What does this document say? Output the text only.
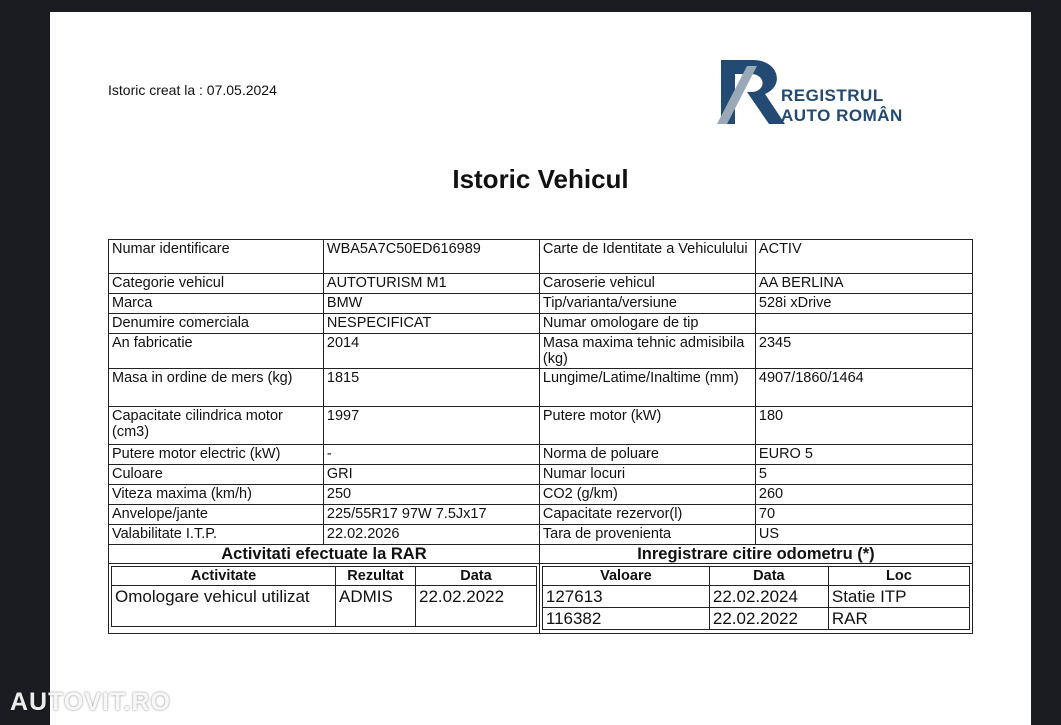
Istoric creat la : 07.05.2024	REGISTRUL
AUTO ROMÂN
Istoric Vehicul
Numar identificare	WBA5A7C50ED616989	Carte de Identitate a Vehiculului	ACTIV
Categorie vehicul	AUTOTURISM M1	Caroserie vehicul	AA BERLINA
Marca	BMW	Tip/varianta/versiune	528i xDrive
Denumire comerciala	NESPECIFICAT	Numar omologare de tip	
An fabricatie	2014	Masa maxima tehnic admisibila (kg)	2345
Masa in ordine de mers (kg)	1815	Lungime/Latime/Inaltime (mm)	4907/1860/1464
Capacitate cilindrica motor (cm3)	1997	Putere motor (kW)	180
Putere motor electric (kW)	-	Norma de poluare	EURO 5
Culoare	GRI	Numar locuri	5
Viteza maxima (km/h)	250	CO2 (g/km)	260
Anvelope/jante	225/55R17 97W 7.5Jx17	Capacitate rezervor(l)	70
Valabilitate I.T.P.	22.02.2026	Tara de provenienta	US
Activitati efectuate la RAR	Inregistrare citire odometru (*)

Activitate	Rezultat	Data
Omologare vehicul utilizat	ADMIS	22.02.2022

Valoare	Data	Loc
127613	22.02.2024	Statie ITP
116382	22.02.2022	RAR
AUTOVIT.RO
